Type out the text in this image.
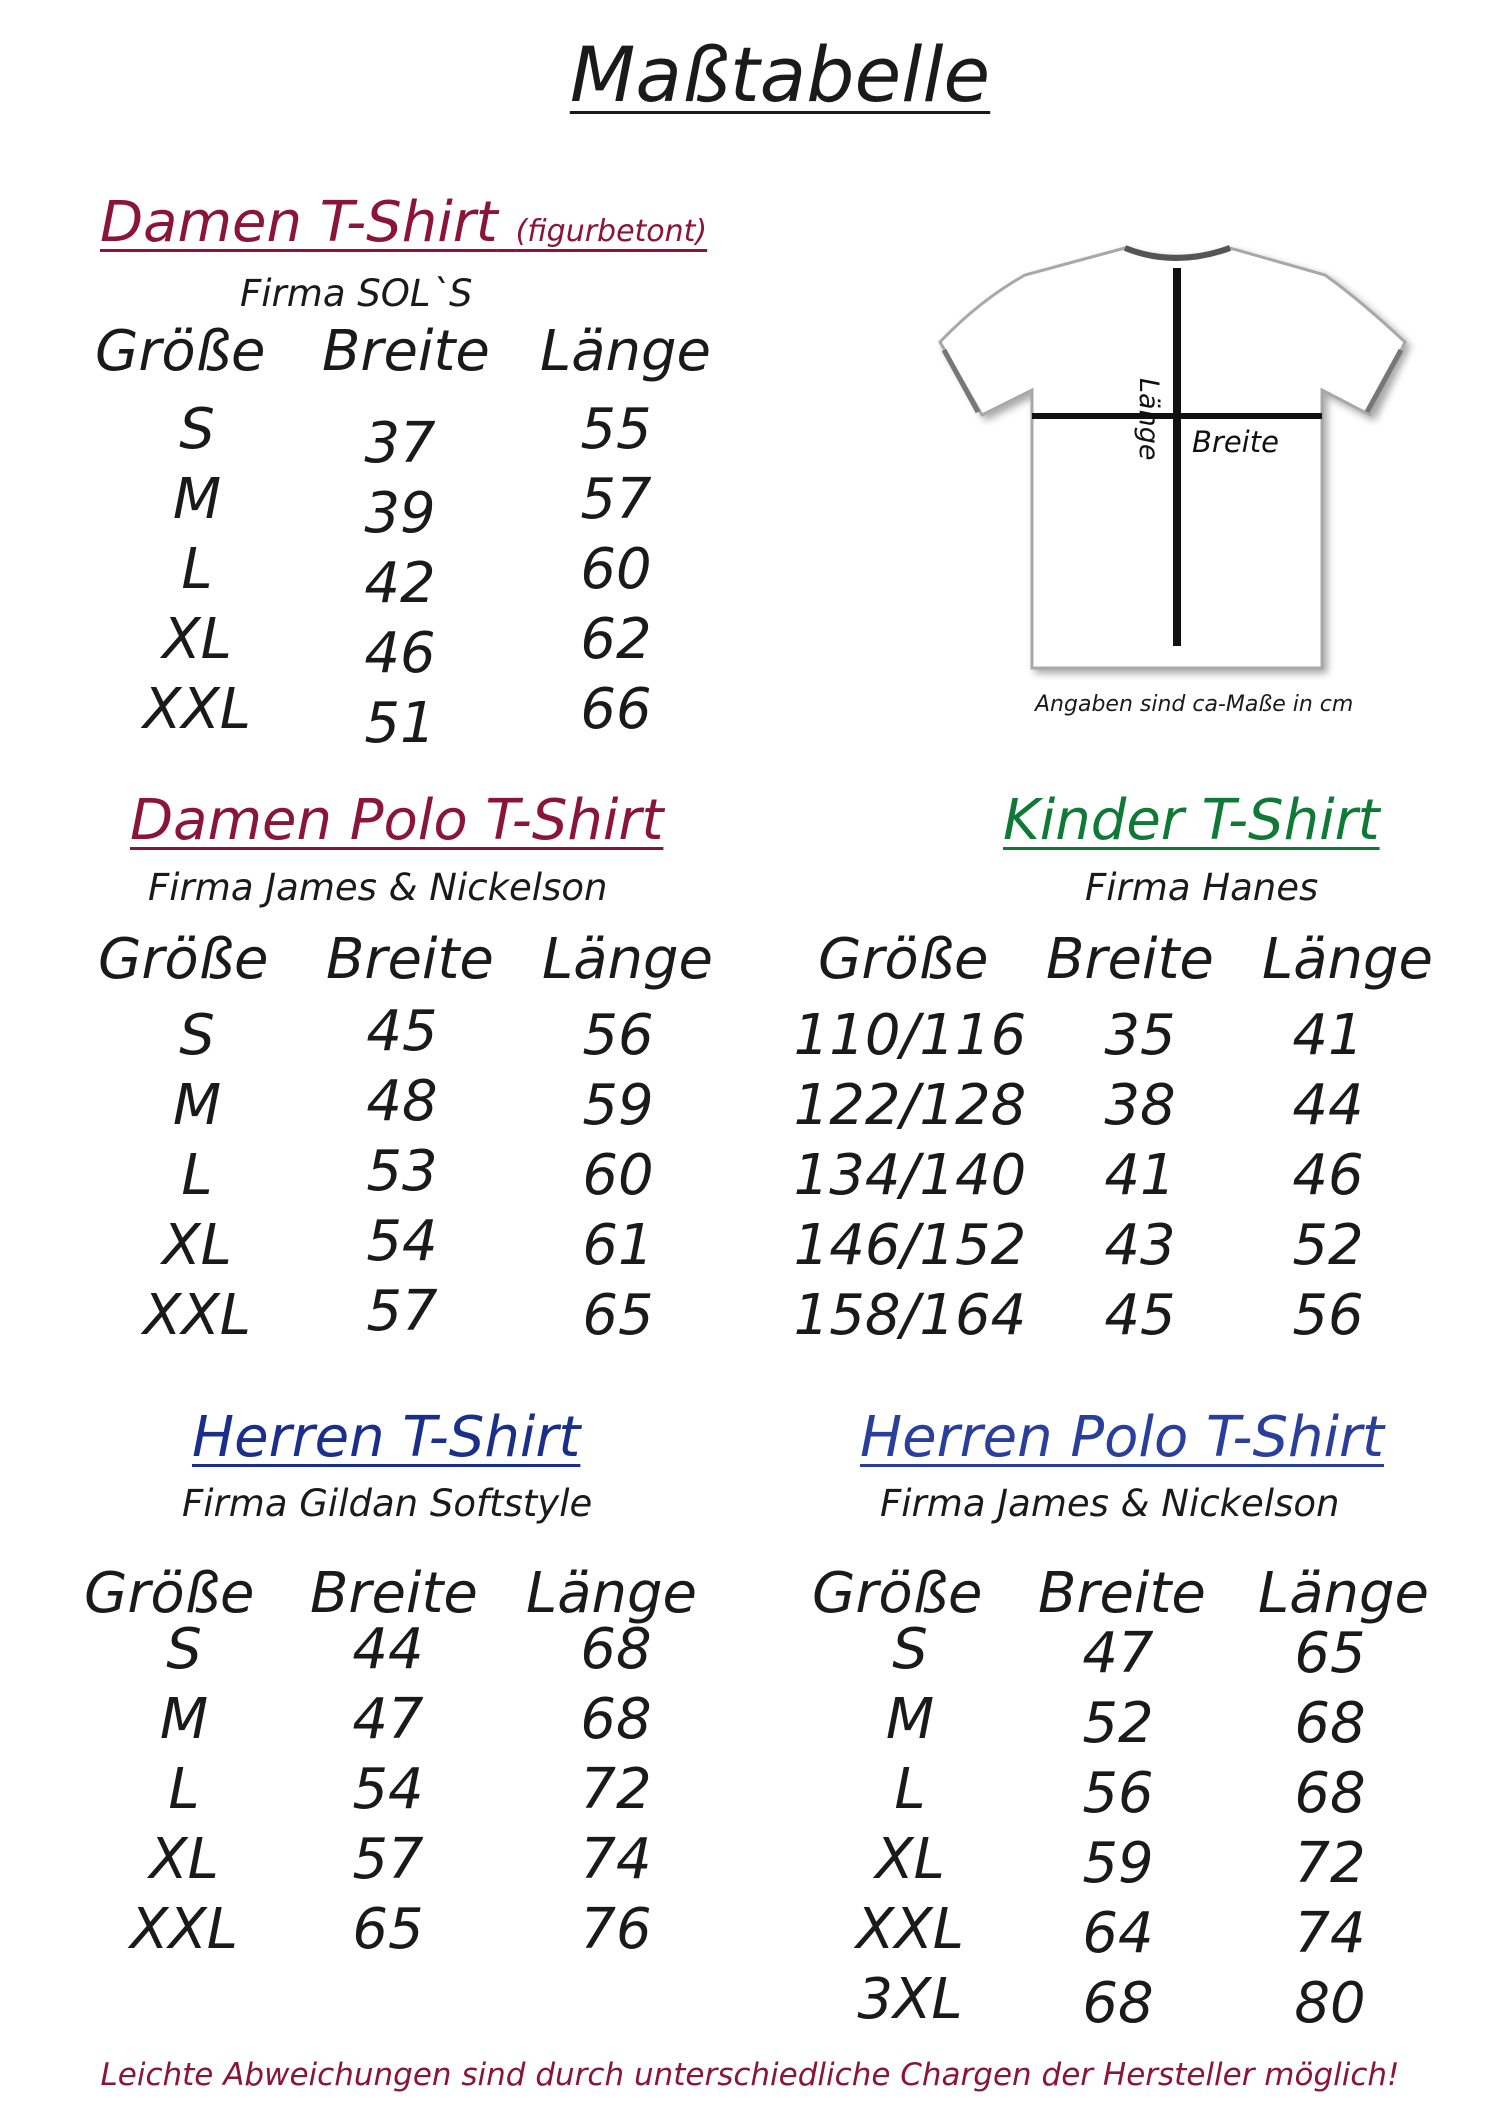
Maßtabelle
Damen T-Shirt (figurbetont)
Firma SOL`S
Größe Breite Länge
S	37	55
M	39	57
L	42	60
XL	46	62
XXL	51	66
Länge Breite
Angaben sind ca-Maße in cm
Damen Polo T-Shirt
Firma James & Nickelson
Größe Breite Länge
S	45	56
M	48	59
L	53	60
XL	54	61
XXL	57	65
Kinder T-Shirt
Firma Hanes
Größe Breite Länge
110/116	35	41
122/128	38	44
134/140	41	46
146/152	43	52
158/164	45	56
Herren T-Shirt
Firma Gildan Softstyle
Größe Breite Länge
S	44	68
M	47	68
L	54	72
XL	57	74
XXL	65	76
Herren Polo T-Shirt
Firma James & Nickelson
Größe Breite Länge
S	47	65
M	52	68
L	56	68
XL	59	72
XXL	64	74
3XL	68	80
Leichte Abweichungen sind durch unterschiedliche Chargen der Hersteller möglich!
